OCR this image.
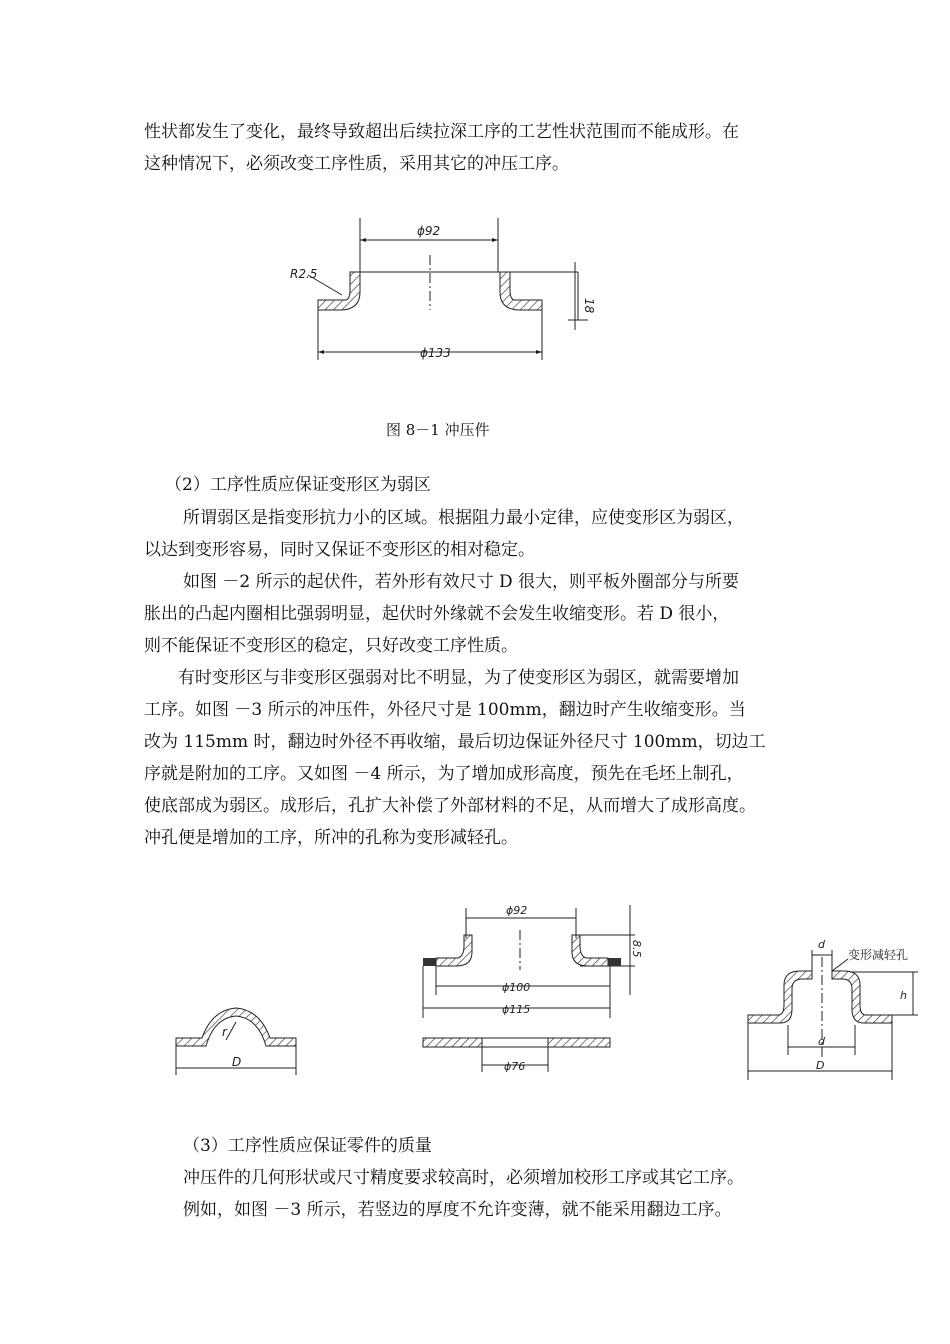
性状都发生了变化，最终导致超出后续拉深工序的工艺性状范围而不能成形。在
这种情况下，必须改变工序性质，采用其它的冲压工序。
ϕ92
ϕ133
R2.5
18
图 8－1 冲压件
（2）工序性质应保证变形区为弱区
所谓弱区是指变形抗力小的区域。根据阻力最小定律，应使变形区为弱区，
以达到变形容易，同时又保证不变形区的相对稳定。
如图 －2 所示的起伏件，若外形有效尺寸 D 很大，则平板外圈部分与所要
胀出的凸起内圈相比强弱明显，起伏时外缘就不会发生收缩变形。若 D 很小，
则不能保证不变形区的稳定，只好改变工序性质。
有时变形区与非变形区强弱对比不明显，为了使变形区为弱区，就需要增加
工序。如图 －3 所示的冲压件，外径尺寸是 100mm，翻边时产生收缩变形。当
改为 115mm 时，翻边时外径不再收缩，最后切边保证外径尺寸 100mm，切边工
序就是附加的工序。又如图 －4 所示，为了增加成形高度，预先在毛坯上制孔，
使底部成为弱区。成形后，孔扩大补偿了外部材料的不足，从而增大了成形高度。
冲孔便是增加的工序，所冲的孔称为变形减轻孔。
r
D
ϕ92
8.5
ϕ100
ϕ115
ϕ76
d
变形减轻孔
h
d
D
（3）工序性质应保证零件的质量
冲压件的几何形状或尺寸精度要求较高时，必须增加校形工序或其它工序。
例如，如图 －3 所示，若竖边的厚度不允许变薄，就不能采用翻边工序。
